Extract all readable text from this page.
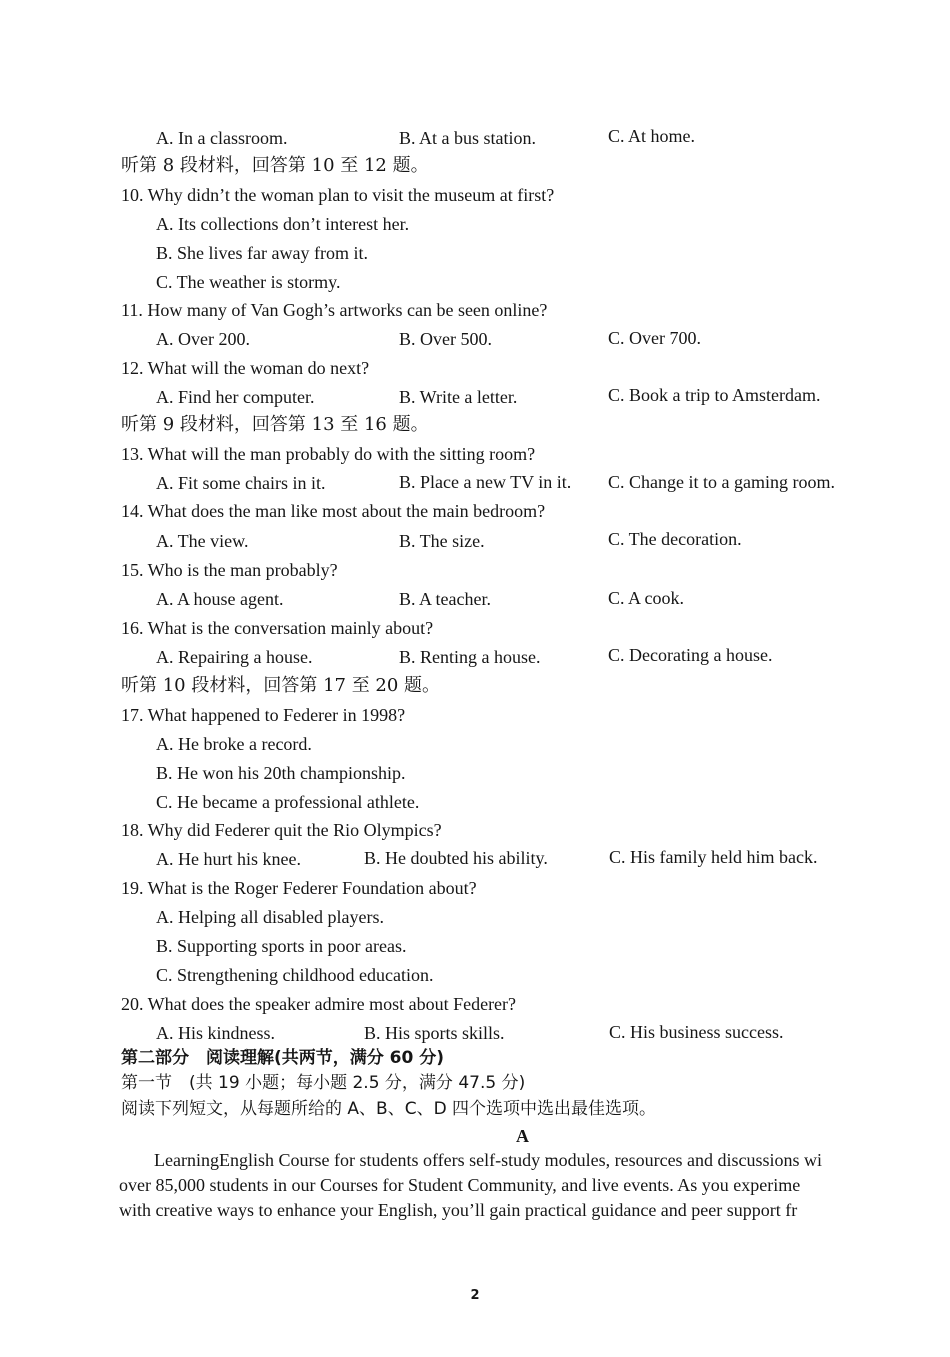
A. In a classroom.	B. At a bus station.	C. At home.
听第 8 段材料，回答第 10 至 12 题。
10. Why didn’t the woman plan to visit the museum at first?
A. Its collections don’t interest her.
B. She lives far away from it.
C. The weather is stormy.
11. How many of Van Gogh’s artworks can be seen online?
A. Over 200.	B. Over 500.	C. Over 700.
12. What will the woman do next?
A. Find her computer.	B. Write a letter.	C. Book a trip to Amsterdam.
听第 9 段材料，回答第 13 至 16 题。
13. What will the man probably do with the sitting room?
A. Fit some chairs in it.	B. Place a new TV in it. C. Change it to a gaming room.
14. What does the man like most about the main bedroom?
A. The view.	B. The size.	C. The decoration.
15. Who is the man probably?
A. A house agent.	B. A teacher.	C. A cook.
16. What is the conversation mainly about?
A. Repairing a house.	B. Renting a house.	C. Decorating a house.
听第 10 段材料，回答第 17 至 20 题。
17. What happened to Federer in 1998?
A. He broke a record.
B. He won his 20th championship.
C. He became a professional athlete.
18. Why did Federer quit the Rio Olympics?
A. He hurt his knee.	B. He doubted his ability.	C. His family held him back.
19. What is the Roger Federer Foundation about?
A. Helping all disabled players.
B. Supporting sports in poor areas.
C. Strengthening childhood education.
20. What does the speaker admire most about Federer?
A. His kindness.	B. His sports skills.	C. His business success.
第二部分　阅读理解(共两节，满分 60 分)
第一节　(共 19 小题；每小题 2.5 分，满分 47.5 分)
阅读下列短文，从每题所给的 A、B、C、D 四个选项中选出最佳选项。
A
LearningEnglish Course for students offers self-study modules, resources and discussions wi
over 85,000 students in our Courses for Student Community, and live events. As you experime
with creative ways to enhance your English, you’ll gain practical guidance and peer support fr
2
